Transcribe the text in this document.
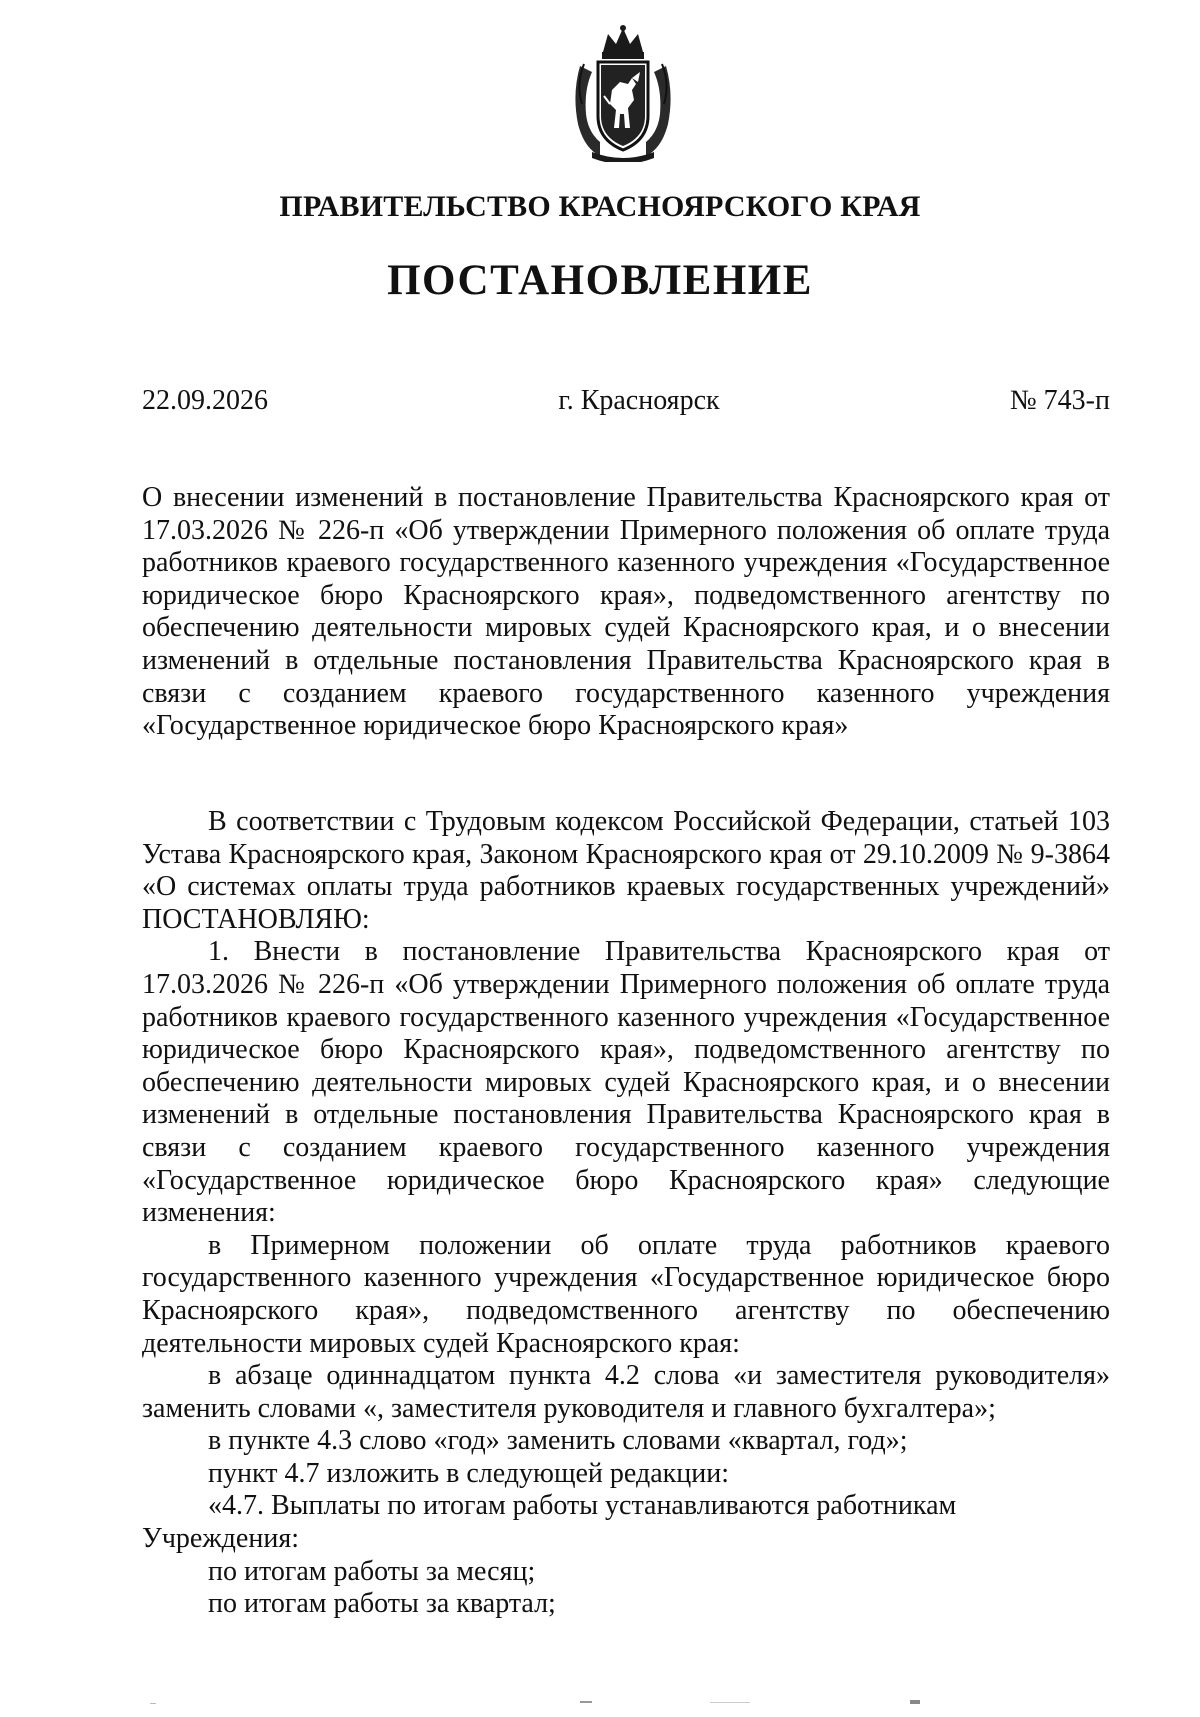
ПРАВИТЕЛЬСТВО КРАСНОЯРСКОГО КРАЯ
ПОСТАНОВЛЕНИЕ
22.09.2026	г. Красноярск	№ 743-п
О внесении изменений в постановление Правительства Красноярского края от 17.03.2026 № 226-п «Об утверждении Примерного положения об оплате труда работников краевого государственного казенного учреждения «Государственное юридическое бюро Красноярского края», подведомственного агентству по обеспечению деятельности мировых судей Красноярского края, и о внесении изменений в отдельные постановления Правительства Красноярского края в связи с созданием краевого государственного казенного учреждения «Государственное юридическое бюро Красноярского края»

В соответствии с Трудовым кодексом Российской Федерации, статьей 103 Устава Красноярского края, Законом Красноярского края от 29.10.2009 № 9-3864 «О системах оплаты труда работников краевых государственных учреждений» ПОСТАНОВЛЯЮ:

1. Внести в постановление Правительства Красноярского края от 17.03.2026 № 226-п «Об утверждении Примерного положения об оплате труда работников краевого государственного казенного учреждения «Государственное юридическое бюро Красноярского края», подведомственного агентству по обеспечению деятельности мировых судей Красноярского края, и о внесении изменений в отдельные постановления Правительства Красноярского края в связи с созданием краевого государственного казенного учреждения «Государственное юридическое бюро Красноярского края» следующие изменения:

в Примерном положении об оплате труда работников краевого государственного казенного учреждения «Государственное юридическое бюро Красноярского края», подведомственного агентству по обеспечению деятельности мировых судей Красноярского края:

в абзаце одиннадцатом пункта 4.2 слова «и заместителя руководителя» заменить словами «, заместителя руководителя и главного бухгалтера»;

в пункте 4.3 слово «год» заменить словами «квартал, год»;

пункт 4.7 изложить в следующей редакции:

«4.7. Выплаты по итогам работы устанавливаются работникам Учреждения:

по итогам работы за месяц;

по итогам работы за квартал;
